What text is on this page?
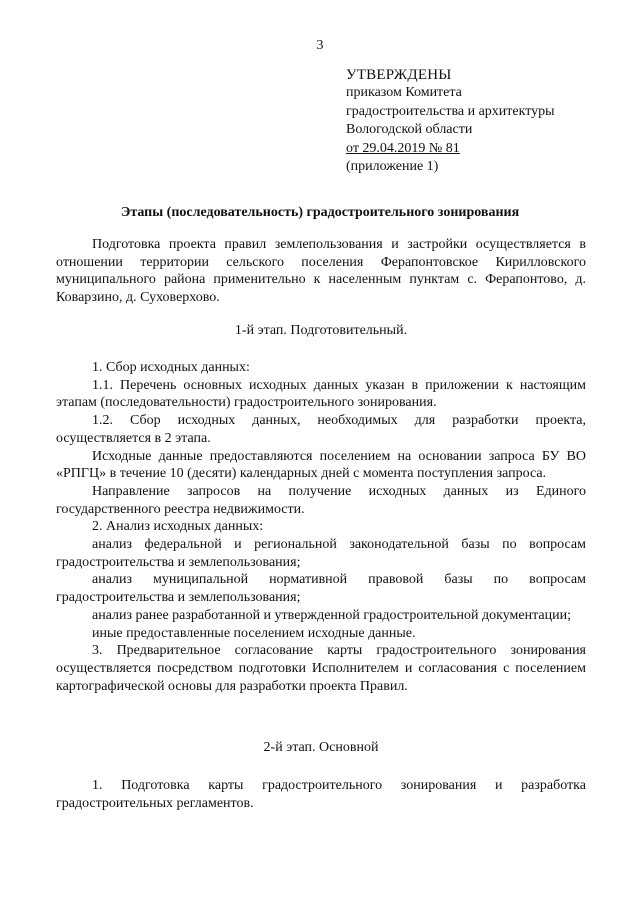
3
УТВЕРЖДЕНЫ
приказом Комитета
градостроительства и архитектуры
Вологодской области
от 29.04.2019 № 81
(приложение 1)
Этапы (последовательность) градостроительного зонирования

Подготовка проекта правил землепользования и застройки осуществляется в отношении территории сельского поселения Ферапонтовское Кирилловского муниципального района применительно к населенным пунктам с. Ферапонтово, д. Коварзино, д. Суховерхово.

1-й этап. Подготовительный.

1. Сбор исходных данных:

1.1. Перечень основных исходных данных указан в приложении к настоящим этапам (последовательности) градостроительного зонирования.

1.2. Сбор исходных данных, необходимых для разработки проекта, осуществляется в 2 этапа.

Исходные данные предоставляются поселением на основании запроса БУ ВО «РПГЦ» в течение 10 (десяти) календарных дней с момента поступления запроса.

Направление запросов на получение исходных данных из Единого государственного реестра недвижимости.

2. Анализ исходных данных:

анализ федеральной и региональной законодательной базы по вопросам градостроительства и землепользования;

анализ муниципальной нормативной правовой базы по вопросам градостроительства и землепользования;

анализ ранее разработанной и утвержденной градостроительной документации;

иные предоставленные поселением исходные данные.

3. Предварительное согласование карты градостроительного зонирования осуществляется посредством подготовки Исполнителем и согласования с поселением картографической основы для разработки проекта Правил.

2-й этап. Основной

1. Подготовка карты градостроительного зонирования и разработка градостроительных регламентов.
